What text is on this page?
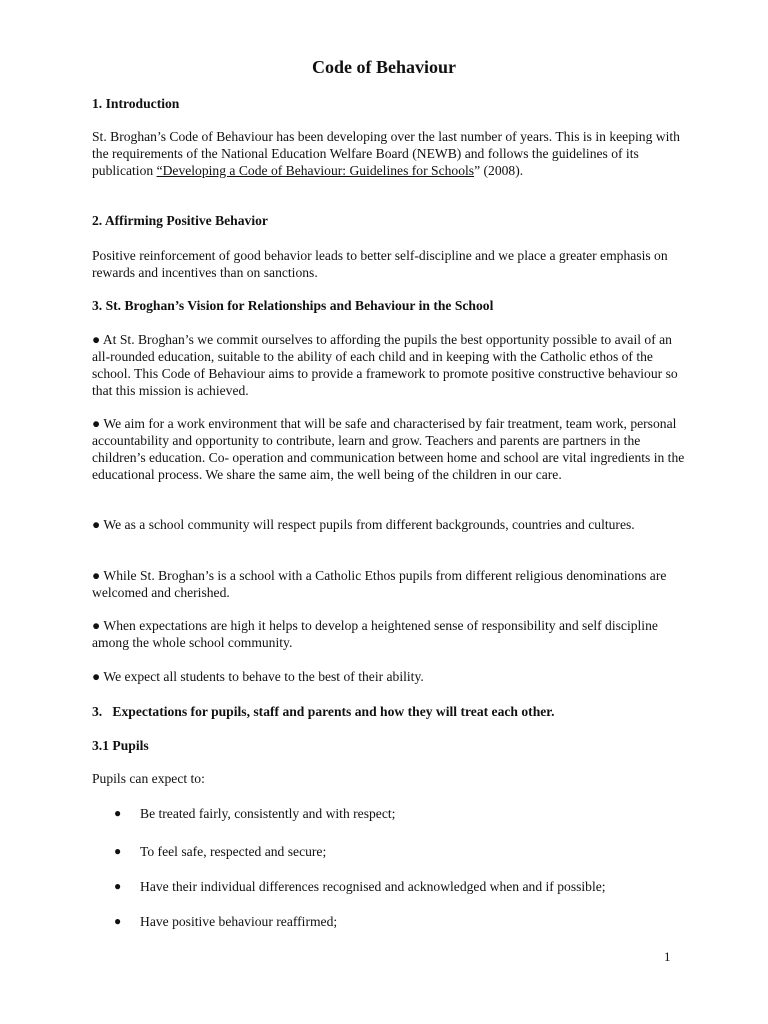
Code of Behaviour
1. Introduction

St. Broghan’s Code of Behaviour has been developing over the last number of years. This is in keeping with the requirements of the National Education Welfare Board (NEWB) and follows the guidelines of its publication “Developing a Code of Behaviour: Guidelines for Schools” (2008).

2. Affirming Positive Behavior

Positive reinforcement of good behavior leads to better self-discipline and we place a greater emphasis on rewards and incentives than on sanctions.

3. St. Broghan’s Vision for Relationships and Behaviour in the School

● At St. Broghan’s we commit ourselves to affording the pupils the best opportunity possible to avail of an all-rounded education, suitable to the ability of each child and in keeping with the Catholic ethos of the school. This Code of Behaviour aims to provide a framework to promote positive constructive behaviour so that this mission is achieved.

● We aim for a work environment that will be safe and characterised by fair treatment, team work, personal accountability and opportunity to contribute, learn and grow. Teachers and parents are partners in the children’s education. Co- operation and communication between home and school are vital ingredients in the educational process. We share the same aim, the well being of the children in our care.

● We as a school community will respect pupils from different backgrounds, countries and cultures.

● While St. Broghan’s is a school with a Catholic Ethos pupils from different religious denominations are welcomed and cherished.

● When expectations are high it helps to develop a heightened sense of responsibility and self discipline among the whole school community.

● We expect all students to behave to the best of their ability.

3.   Expectations for pupils, staff and parents and how they will treat each other.
3.1 Pupils
Pupils can expect to:
● Be treated fairly, consistently and with respect;
● To feel safe, respected and secure;
● Have their individual differences recognised and acknowledged when and if possible;
● Have positive behaviour reaffirmed;
1
